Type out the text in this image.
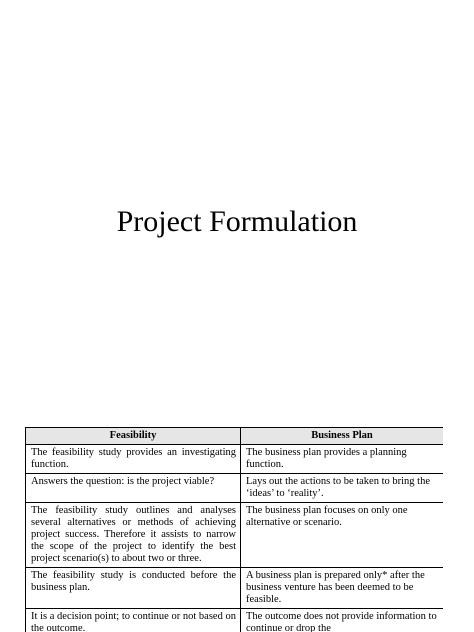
Project Formulation
Feasibility	Business Plan
The feasibility study provides an investigating function.	The business plan provides a planning function.
Answers the question: is the project viable?	Lays out the actions to be taken to bring the ‘ideas’ to ‘reality’.
The feasibility study outlines and analyses several alternatives or methods of achieving project success. Therefore it assists to narrow the scope of the project to identify the best project scenario(s) to about two or three.	The business plan focuses on only one alternative or scenario.
The feasibility study is conducted before the business plan.	A business plan is prepared only* after the business venture has been deemed to be feasible.
It is a decision point; to continue or not based on the outcome.	The outcome does not provide information to continue or drop the
